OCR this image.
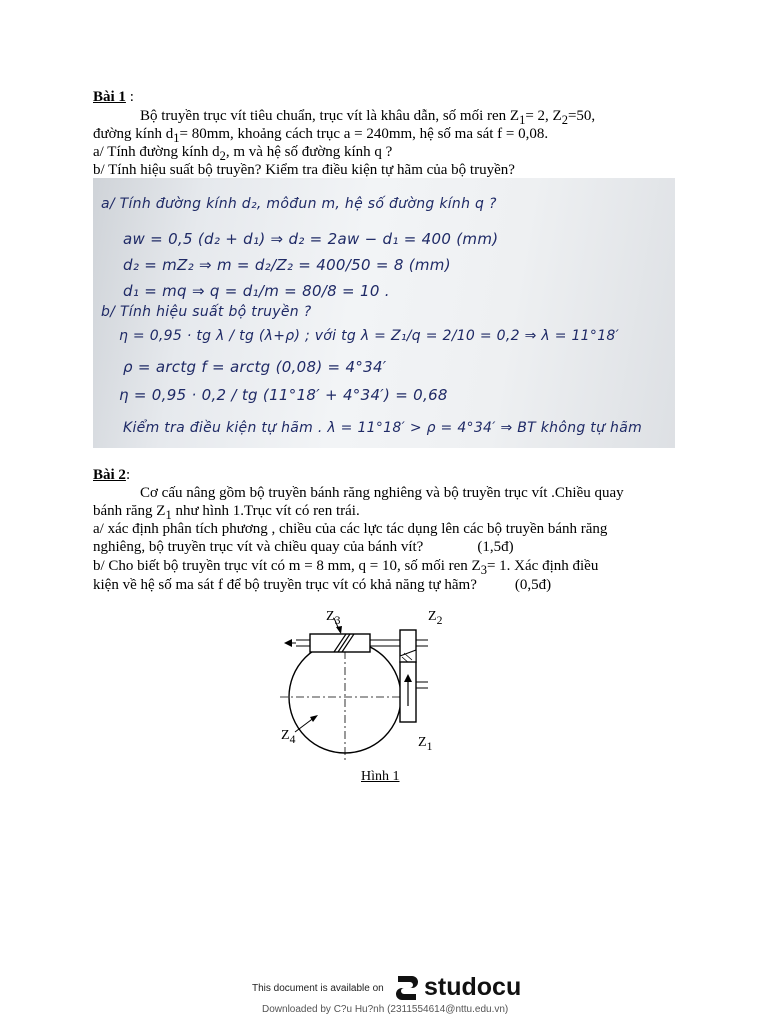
Bài 1 :
Bộ truyền trục vít tiêu chuẩn, trục vít là khâu dẫn, số mối ren $Z_1= 2$, $Z_2=50$,
đường kính $d_1= 80mm$, khoảng cách trục a = 240mm, hệ số ma sát f = 0,08.
a/ Tính đường kính $d_2$, m và hệ số đường kính q ?
b/ Tính hiệu suất bộ truyền? Kiểm tra điều kiện tự hãm của bộ truyền?
a/ Tính đường kính d₂, môđun m, hệ số đường kính q ?
aw = 0,5 (d₂ + d₁) ⇒ d₂ = 2aw − d₁ = 400 (mm)
d₂ = mZ₂ ⇒ m = d₂/Z₂ = 400/50 = 8 (mm)
d₁ = mq ⇒ q = d₁/m = 80/8 = 10 .
b/ Tính hiệu suất bộ truyền ?
η = 0,95 · tg λ / tg (λ+ρ) ; với tg λ = Z₁/q = 2/10 = 0,2 ⇒ λ = 11°18′
ρ = arctg f = arctg (0,08) = 4°34′
η = 0,95 · 0,2 / tg (11°18′ + 4°34′) = 0,68
Kiểm tra điều kiện tự hãm . λ = 11°18′ > ρ = 4°34′ ⇒ BT không tự hãm
Bài 2:
Cơ cấu nâng gồm bộ truyền bánh răng nghiêng và bộ truyền trục vít .Chiều quay
bánh răng $Z_1$ như hình 1.Trục vít có ren trái.
a/ xác định phân tích phương , chiều của các lực tác dụng lên các bộ truyền bánh răng
nghiêng, bộ truyền trục vít và chiều quay của bánh vít?	(1,5đ)
b/ Cho biết bộ truyền trục vít có m = 8 mm, q = 10, số mối ren $Z_3= 1$. Xác định điều
kiện về hệ số ma sát f để bộ truyền trục vít có khả năng tự hãm?	(0,5đ)
$Z_3$	$Z_2$
$Z_4$	$Z_1$
Hình 1
This document is available on studocu
Downloaded by C?u Hu?nh (2311554614@nttu.edu.vn)
